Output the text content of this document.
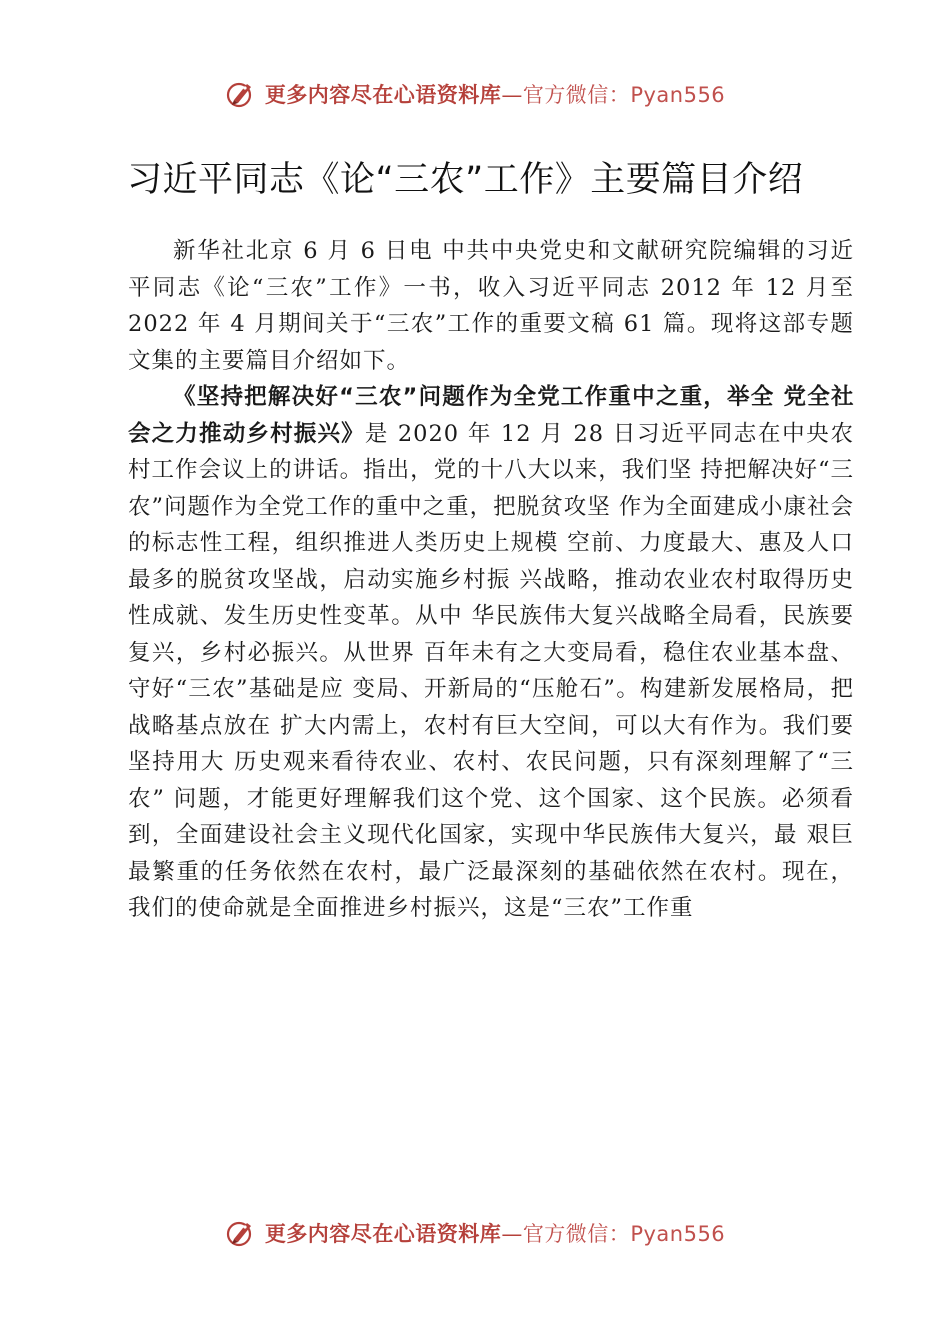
更多内容尽在心语资料库—官方微信：Pyan556
习近平同志《论“三农”工作》主要篇目介绍

新华社北京 6 月 6 日电 中共中央党史和文献研究院编辑的习近平同志《论“三农”工作》一书，收入习近平同志 2012 年 12 月至 2022 年 4 月期间关于“三农”工作的重要文稿 61 篇。现将这部专题文集的主要篇目介绍如下。

《坚持把解决好“三农”问题作为全党工作重中之重，举全 党全社会之力推动乡村振兴》是 2020 年 12 月 28 日习近平同志在中央农村工作会议上的讲话。指出，党的十八大以来，我们坚 持把解决好“三农”问题作为全党工作的重中之重，把脱贫攻坚 作为全面建成小康社会的标志性工程，组织推进人类历史上规模 空前、力度最大、惠及人口最多的脱贫攻坚战，启动实施乡村振 兴战略，推动农业农村取得历史性成就、发生历史性变革。从中 华民族伟大复兴战略全局看，民族要复兴，乡村必振兴。从世界 百年未有之大变局看，稳住农业基本盘、守好“三农”基础是应 变局、开新局的“压舱石”。构建新发展格局，把战略基点放在 扩大内需上，农村有巨大空间，可以大有作为。我们要坚持用大 历史观来看待农业、农村、农民问题，只有深刻理解了“三农” 问题，才能更好理解我们这个党、这个国家、这个民族。必须看 到，全面建设社会主义现代化国家，实现中华民族伟大复兴，最 艰巨最繁重的任务依然在农村，最广泛最深刻的基础依然在农村。现在，我们的使命就是全面推进乡村振兴，这是“三农”工作重

更多内容尽在心语资料库—官方微信：Pyan556
